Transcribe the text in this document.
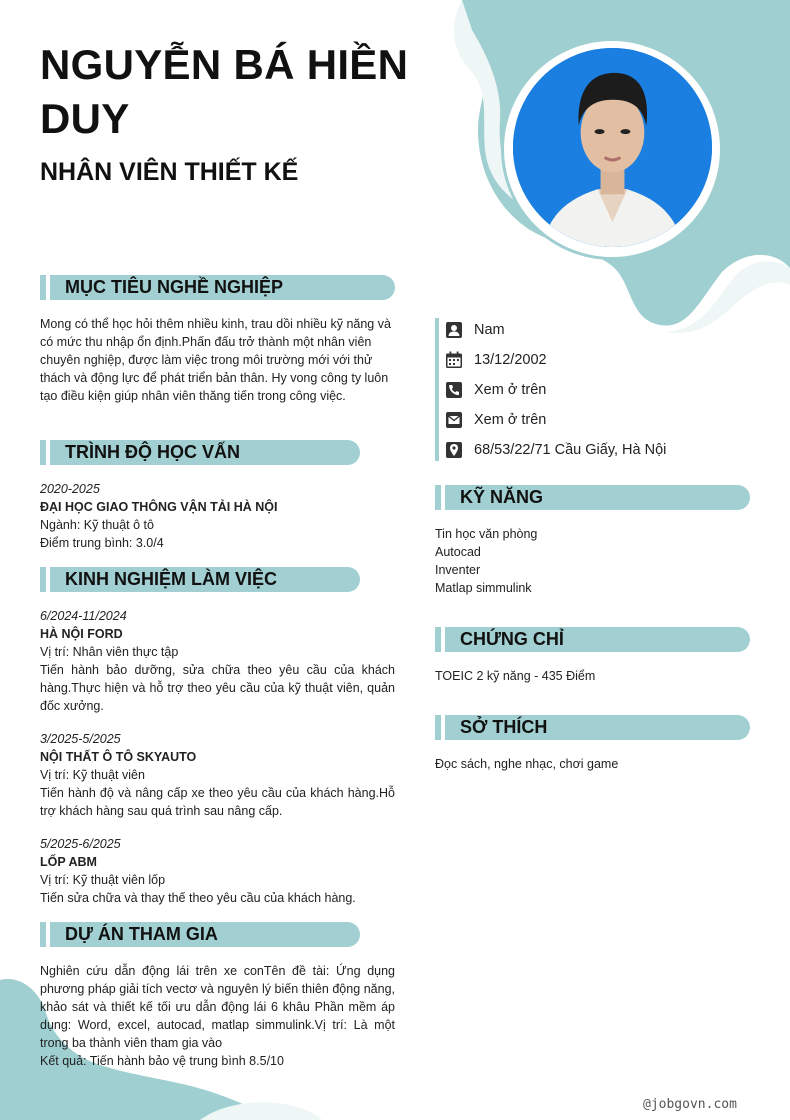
NGUYỄN BÁ HIỀN DUY
NHÂN VIÊN THIẾT KẾ
MỤC TIÊU NGHỀ NGHIỆP
Mong có thể học hỏi thêm nhiều kinh, trau dồi nhiều kỹ năng và có mức thu nhập ổn định.Phấn đấu trở thành một nhân viên chuyên nghiệp, được làm việc trong môi trường mới với thử thách và động lực để phát triển bản thân. Hy vong công ty luôn tạo điều kiện giúp nhân viên thăng tiến trong công việc.
TRÌNH ĐỘ HỌC VẤN
2020-2025
ĐẠI HỌC GIAO THÔNG VẬN TẢI HÀ NỘI
Ngành: Kỹ thuật ô tô
Điểm trung bình: 3.0/4
KINH NGHIỆM LÀM VIỆC
6/2024-11/2024
HÀ NỘI FORD
Vị trí: Nhân viên thực tập
Tiến hành bảo dưỡng, sửa chữa theo yêu cầu của khách hàng.Thực hiện và hỗ trợ theo yêu cầu của kỹ thuật viên, quản đốc xưởng.
3/2025-5/2025
NỘI THẤT Ô TÔ SKYAUTO
Vị trí: Kỹ thuật viên
Tiến hành độ và nâng cấp xe theo yêu cầu của khách hàng.Hỗ trợ khách hàng sau quá trình sau nâng cấp.
5/2025-6/2025
LỐP ABM
Vị trí: Kỹ thuật viên lốp
Tiến sửa chữa và thay thế theo yêu cầu của khách hàng.
DỰ ÁN THAM GIA
Nghiên cứu dẫn động lái trên xe conTên đề tài: Ứng dụng phương pháp giải tích vectơ và nguyên lý biến thiên động năng, khảo sát và thiết kế tối ưu dẫn động lái 6 khâu Phần mềm áp dụng: Word, excel, autocad, matlap simmulink.Vị trí: Là một trong ba thành viên tham gia vào
Kết quả: Tiến hành bảo vệ trung bình 8.5/10
Nam
13/12/2002
Xem ở trên
Xem ở trên
68/53/22/71 Cầu Giấy, Hà Nội
KỸ NĂNG
Tin học văn phòng
Autocad
Inventer
Matlap simmulink
CHỨNG CHỈ
TOEIC 2 kỹ năng - 435 Điểm
SỞ THÍCH
Đọc sách, nghe nhạc, chơi game
@jobgovn.com
